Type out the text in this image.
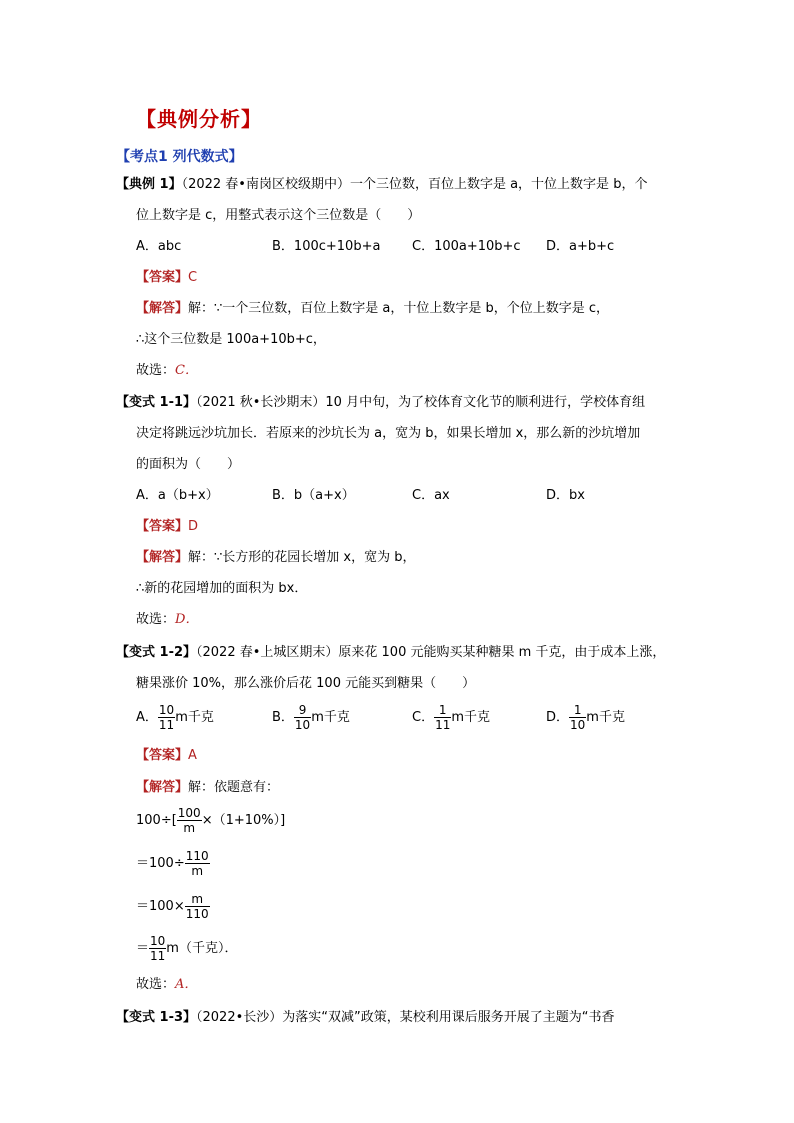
【典例分析】
【考点1 列代数式】
【典例 1】（2022 春•南岗区校级期中）一个三位数，百位上数字是 a，十位上数字是 b，个
位上数字是 c，用整式表示这个三位数是（　　）
A．abc	B．100c+10b+a C．100a+10b+c D．a+b+c
【答案】C
【解答】解：∵一个三位数，百位上数字是 a，十位上数字是 b，个位上数字是 c，
∴这个三位数是 100a+10b+c，
故选：C．
【变式 1-1】（2021 秋•长沙期末）10 月中旬，为了校体育文化节的顺利进行，学校体育组
决定将跳远沙坑加长．若原来的沙坑长为 a，宽为 b，如果长增加 x，那么新的沙坑增加
的面积为（　　）
A．a（b+x）	B．b（a+x）	C．ax	D．bx
【答案】D
【解答】解：∵长方形的花园长增加 x，宽为 b，
∴新的花园增加的面积为 bx．
故选：D．
【变式 1-2】（2022 春•上城区期末）原来花 100 元能购买某种糖果 m 千克，由于成本上涨，
糖果涨价 10%，那么涨价后花 100 元能买到糖果（　　）
A． $\frac{10}{11}$ m千克	B． $\frac{9}{10}$ m千克	C． $\frac{1}{11}$ m千克	D． $\frac{1}{10}$ m千克
【答案】A
【解答】解：依题意有：
$100\div[ \frac{100}{m} \times(1+10\%)]$
$=100\div \frac{110}{m}$
$=100\times \frac{m}{110}$
＝ $\frac{10}{11} m$（千克）．
故选：A．
【变式 1-3】（2022•长沙）为落实“双减”政策，某校利用课后服务开展了主题为“书香
